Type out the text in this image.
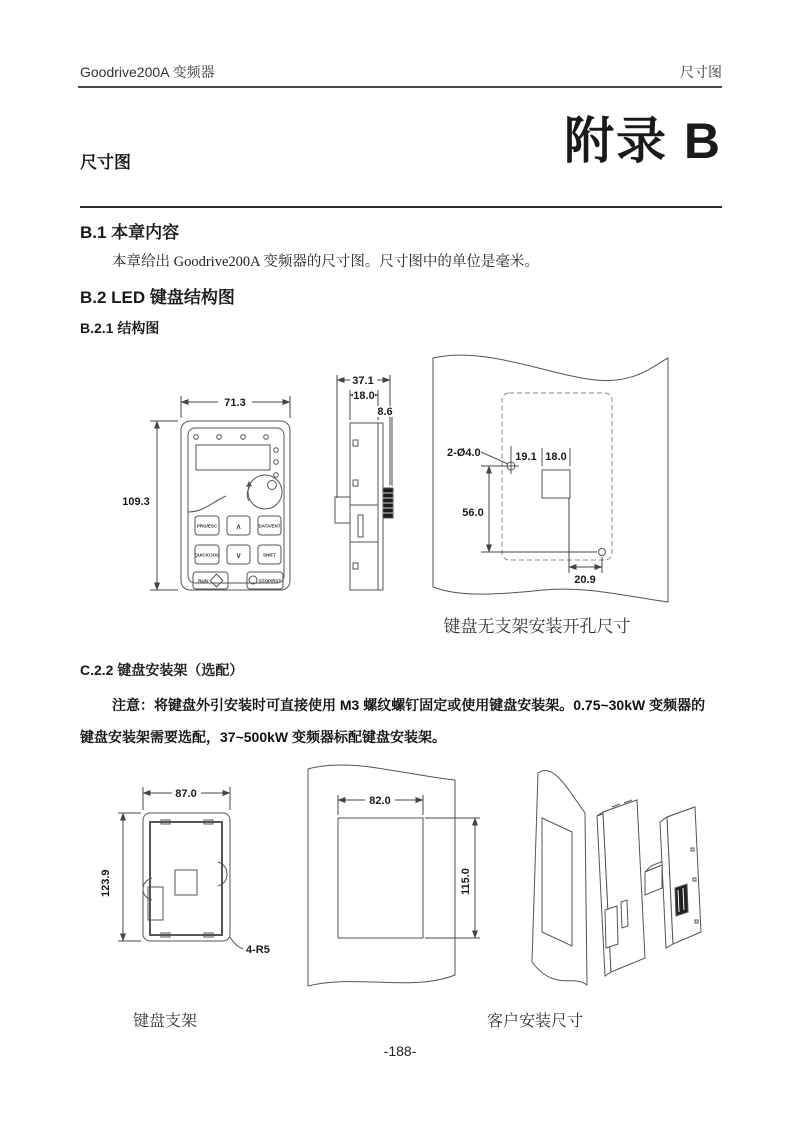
Goodrive200A 变频器	尺寸图
尺寸图	附录 B
B.1 本章内容
本章给出 Goodrive200A 变频器的尺寸图。尺寸图中的单位是毫米。
B.2 LED 键盘结构图
B.2.1 结构图
71.3
109.3
PRG/ESC ∧	DATA/ENT
QUICK/JOG ∨	SHIFT
RUN	STOP/RST
37.1
18.0
8.6
2-Ø4.0	19.1 18.0
56.0
20.9
键盘无支架安装开孔尺寸
C.2.2 键盘安装架（选配）
注意：将键盘外引安装时可直接使用 M3 螺纹螺钉固定或使用键盘安装架。0.75~30kW 变频器的
键盘安装架需要选配，37~500kW 变频器标配键盘安装架。
87.0
123.9
4-R5
键盘支架
82.0
115.0
客户安装尺寸
-188-
